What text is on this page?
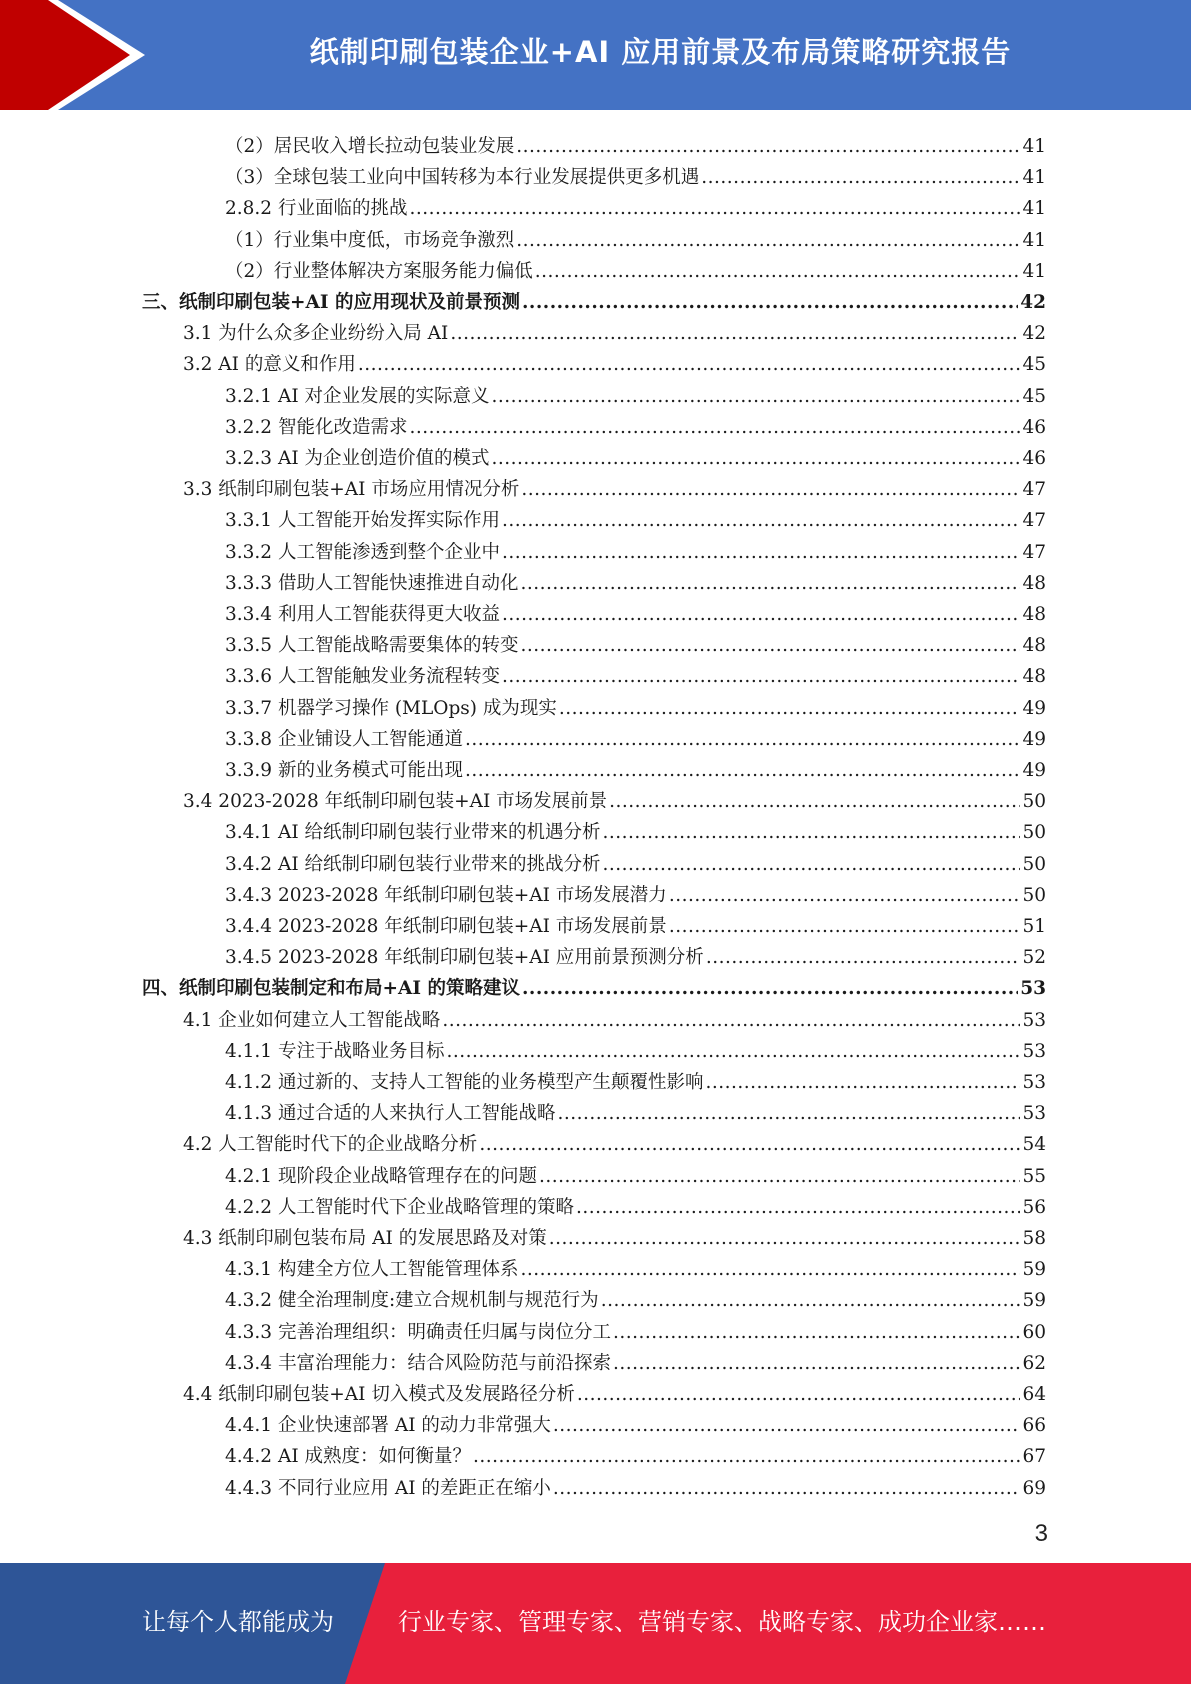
纸制印刷包装企业+AI 应用前景及布局策略研究报告
（2）居民收入增长拉动包装业发展 .....	41
（3）全球包装工业向中国转移为本行业发展提供更多机遇 .....	41
2.8.2 行业面临的挑战 .....	41
（1）行业集中度低，市场竞争激烈 .....	41
（2）行业整体解决方案服务能力偏低 .....	41
三、纸制印刷包装+AI 的应用现状及前景预测 .....	42
3.1 为什么众多企业纷纷入局 AI .....	42
3.2 AI 的意义和作用 .....	45
3.2.1 AI 对企业发展的实际意义 .....	45
3.2.2 智能化改造需求 .....	46
3.2.3 AI 为企业创造价值的模式 .....	46
3.3 纸制印刷包装+AI 市场应用情况分析 .....	47
3.3.1 人工智能开始发挥实际作用 .....	47
3.3.2 人工智能渗透到整个企业中 .....	47
3.3.3 借助人工智能快速推进自动化 .....	48
3.3.4 利用人工智能获得更大收益 .....	48
3.3.5 人工智能战略需要集体的转变 .....	48
3.3.6 人工智能触发业务流程转变 .....	48
3.3.7 机器学习操作 (MLOps) 成为现实 .....	49
3.3.8 企业铺设人工智能通道 .....	49
3.3.9 新的业务模式可能出现 .....	49
3.4 2023-2028 年纸制印刷包装+AI 市场发展前景 .....	50
3.4.1 AI 给纸制印刷包装行业带来的机遇分析 .....	50
3.4.2 AI 给纸制印刷包装行业带来的挑战分析 .....	50
3.4.3 2023-2028 年纸制印刷包装+AI 市场发展潜力 .....	50
3.4.4 2023-2028 年纸制印刷包装+AI 市场发展前景 .....	51
3.4.5 2023-2028 年纸制印刷包装+AI 应用前景预测分析 .....	52
四、纸制印刷包装制定和布局+AI 的策略建议 .....	53
4.1 企业如何建立人工智能战略 .....	53
4.1.1 专注于战略业务目标 .....	53
4.1.2 通过新的、支持人工智能的业务模型产生颠覆性影响 .....	53
4.1.3 通过合适的人来执行人工智能战略 .....	53
4.2 人工智能时代下的企业战略分析 .....	54
4.2.1 现阶段企业战略管理存在的问题 .....	55
4.2.2 人工智能时代下企业战略管理的策略 .....	56
4.3 纸制印刷包装布局 AI 的发展思路及对策 .....	58
4.3.1 构建全方位人工智能管理体系 .....	59
4.3.2 健全治理制度:建立合规机制与规范行为 .....	59
4.3.3 完善治理组织：明确责任归属与岗位分工 .....	60
4.3.4 丰富治理能力：结合风险防范与前沿探索 .....	62
4.4 纸制印刷包装+AI 切入模式及发展路径分析 .....	64
4.4.1 企业快速部署 AI 的动力非常强大 .....	66
4.4.2 AI 成熟度：如何衡量？ .....	67
4.4.3 不同行业应用 AI 的差距正在缩小 .....	69
3
让每个人都能成为	行业专家、管理专家、营销专家、战略专家、成功企业家……
